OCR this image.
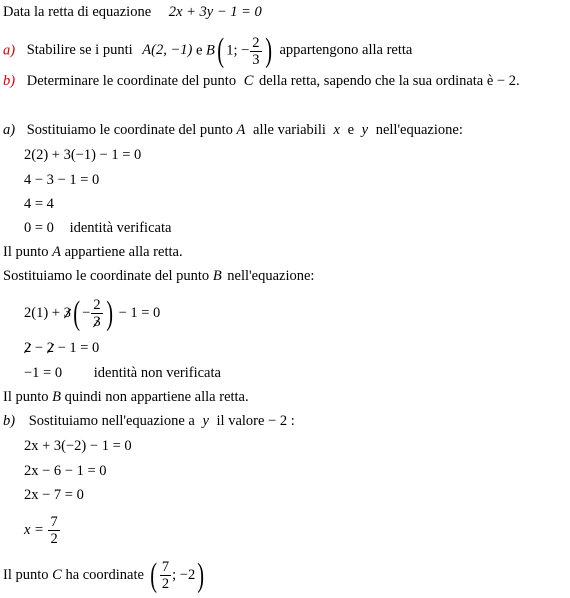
Data la retta di equazione 2x + 3y − 1 = 0
a) Stabilire se i punti A(2, −1) e B( 1; − $\frac{2}{3}$ ) appartengono alla retta
b) Determinare le coordinate del punto C della retta, sapendo che la sua ordinata è − 2.
a) Sostituiamo le coordinate del punto A alle variabili x e y nell'equazione:
2(2) + 3(−1) − 1 = 0
4 − 3 − 1 = 0
4 = 4
0 = 0 identità verificata
Il punto A appartiene alla retta.
Sostituiamo le coordinate del punto B nell'equazione:
$2(1) + 3( - \frac{2}{3}$ ) − 1 = 0
2 − 2 − 1 = 0
−1 = 0 identità non verificata
Il punto B quindi non appartiene alla retta.
b) Sostituiamo nell'equazione a y il valore − 2 :
2x + 3(−2) − 1 = 0
2x − 6 − 1 = 0
2x − 7 = 0
$x = \frac{7}{2}$
Il punto C ha coordinate ( $\frac{7}{2}$ ; −2)
